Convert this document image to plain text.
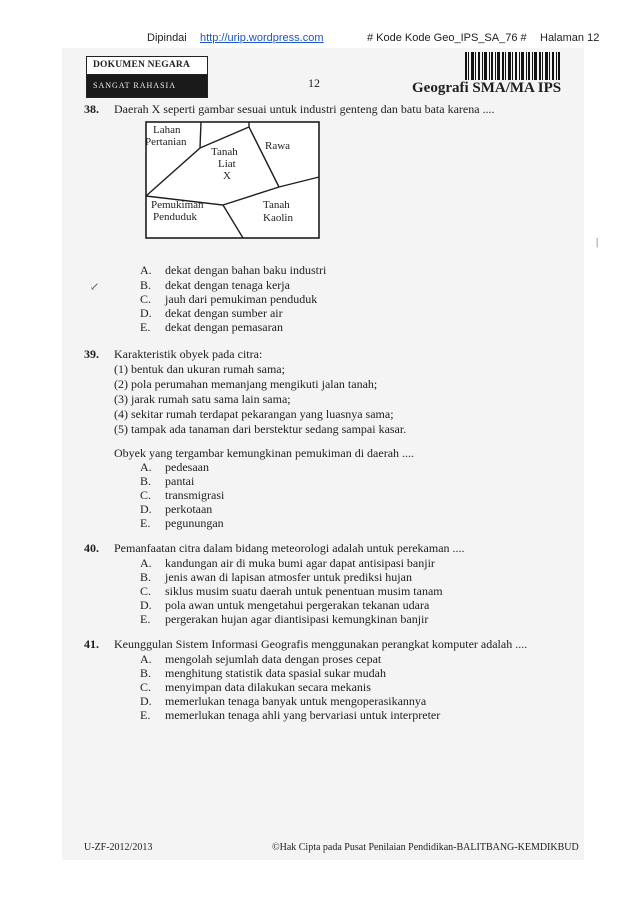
Dipindai http://urip.wordpress.com	# Kode Kode Geo_IPS_SA_76 # Halaman 12
DOKUMEN NEGARA
SANGAT RAHASIA	12	Geografi SMA/MA IPS
38. Daerah X seperti gambar sesuai untuk industri genteng dan batu bata karena ....
Lahan
Pertanian
Tanah
Liat
X
Rawa
Pemukiman
Penduduk
Tanah
Kaolin
A. dekat dengan bahan baku industri
B. dekat dengan tenaga kerja
C. jauh dari pemukiman penduduk
D. dekat dengan sumber air
E. dekat dengan pemasaran
39. Karakteristik obyek pada citra:
(1) bentuk dan ukuran rumah sama;
(2) pola perumahan memanjang mengikuti jalan tanah;
(3) jarak rumah satu sama lain sama;
(4) sekitar rumah terdapat pekarangan yang luasnya sama;
(5) tampak ada tanaman dari berstektur sedang sampai kasar.
Obyek yang tergambar kemungkinan pemukiman di daerah ....
A. pedesaan
B. pantai
C. transmigrasi
D. perkotaan
E. pegunungan
40. Pemanfaatan citra dalam bidang meteorologi adalah untuk perekaman ....
A. kandungan air di muka bumi agar dapat antisipasi banjir
B. jenis awan di lapisan atmosfer untuk prediksi hujan
C. siklus musim suatu daerah untuk penentuan musim tanam
D. pola awan untuk mengetahui pergerakan tekanan udara
E. pergerakan hujan agar diantisipasi kemungkinan banjir
41. Keunggulan Sistem Informasi Geografis menggunakan perangkat komputer adalah ....
A. mengolah sejumlah data dengan proses cepat
B. menghitung statistik data spasial sukar mudah
C. menyimpan data dilakukan secara mekanis
D. memerlukan tenaga banyak untuk mengoperasikannya
E. memerlukan tenaga ahli yang bervariasi untuk interpreter
↙
|
U-ZF-2012/2013	©Hak Cipta pada Pusat Penilaian Pendidikan-BALITBANG-KEMDIKBUD
